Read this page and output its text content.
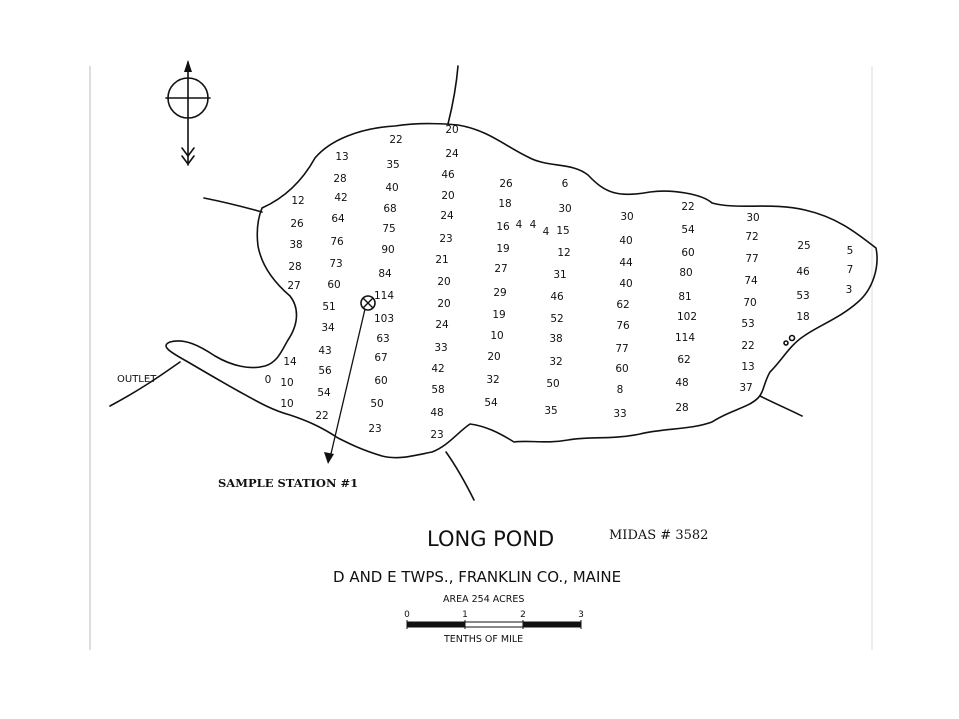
22
20
13	24
35
28	46
40	26	6
12	42	20
68	18	30
26	64	24	30
22
30
75	16 4 4
4 15	54
72
38	76	23
90	19	12
40
60
25	5
28	73	21
27	44	77
84	31	80	46	7
27	60	20
29
40	74
53	3
46
114	81	70
51	20	62
18
19	52	102
53
103
76
34	24
63	10	38	114
33	77	22
43	20	62
67	32
14
56	42	60	13
0 10	32	48
60	50
54	58	8	37
54
50
10
48	35	33	28
22
23	23
OUTLET
SAMPLE STATION #1
LONG POND	MIDAS # 3582
D AND E TWPS., FRANKLIN CO., MAINE
AREA 254 ACRES
0	1	2	3
TENTHS OF MILE
